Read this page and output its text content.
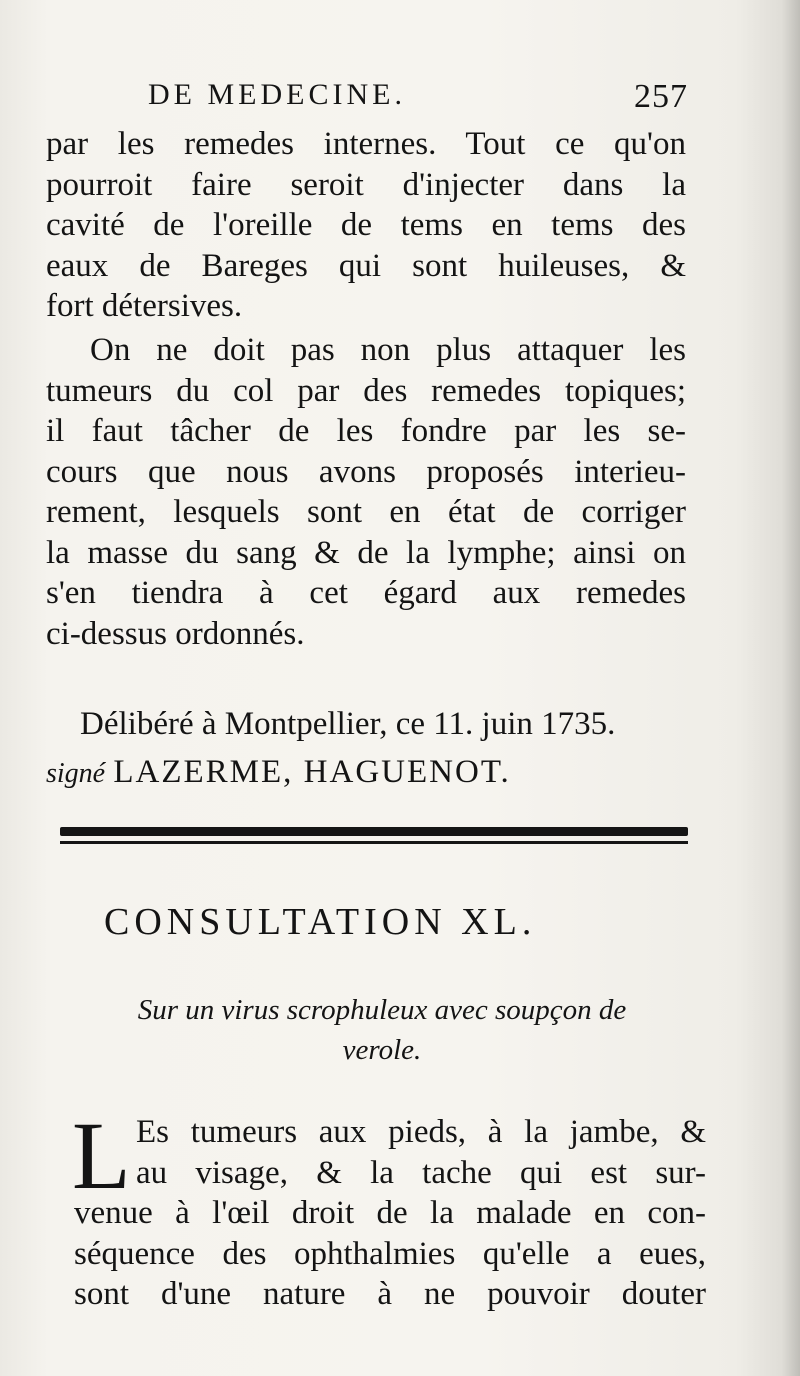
DE MEDECINE.	257
par les remedes internes. Tout ce qu'on
pourroit faire seroit d'injecter dans la
cavité de l'oreille de tems en tems des
eaux de Bareges qui sont huileuses, &
fort détersives.
On ne doit pas non plus attaquer les
tumeurs du col par des remedes topiques;
il faut tâcher de les fondre par les se-
cours que nous avons proposés interieu-
rement, lesquels sont en état de corriger
la masse du sang & de la lymphe; ainsi on
s'en tiendra à cet égard aux remedes
ci-dessus ordonnés.
Délibéré à Montpellier, ce 11. juin 1735.
signé LAZERME, HAGUENOT.
CONSULTATION XL.
Sur un virus scrophuleux avec soupçon de
verole.
L Es tumeurs aux pieds, à la jambe, &
au visage, & la tache qui est sur-
venue à l'œil droit de la malade en con-
séquence des ophthalmies qu'elle a eues,
sont d'une nature à ne pouvoir douter
